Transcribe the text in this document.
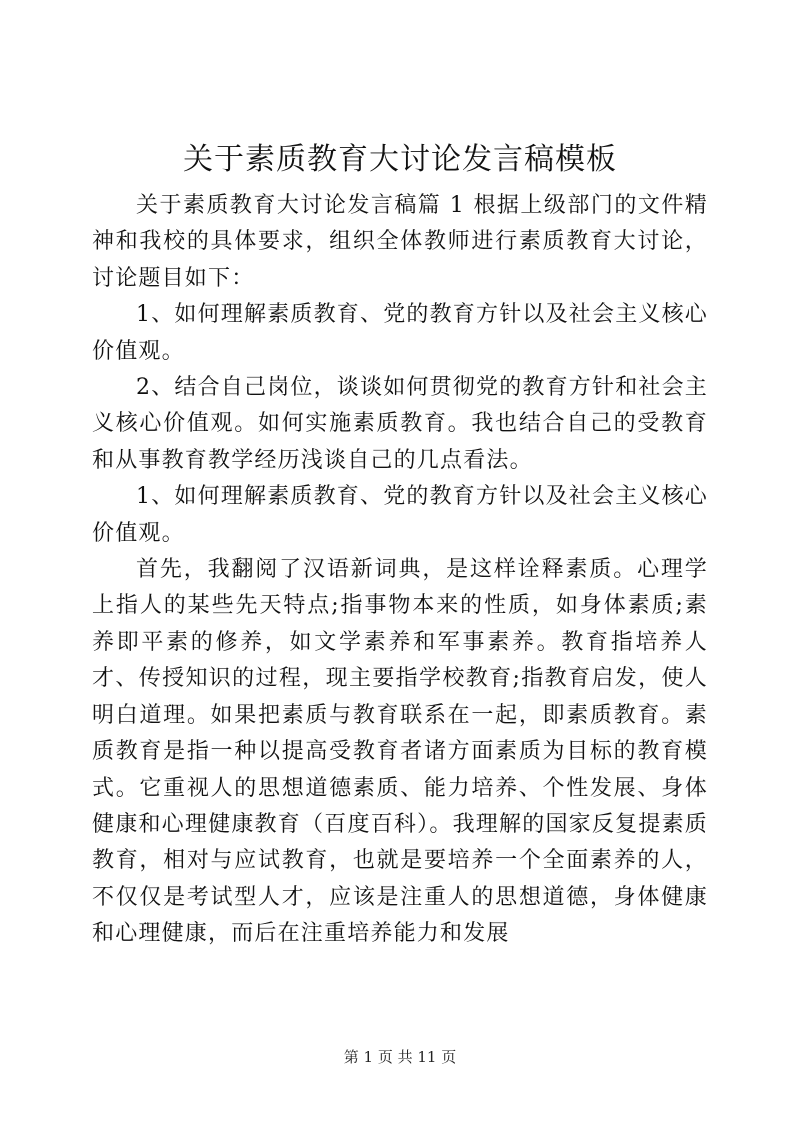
关于素质教育大讨论发言稿模板

关于素质教育大讨论发言稿篇 1 根据上级部门的文件精神和我校的具体要求，组织全体教师进行素质教育大讨论，讨论题目如下：

1、如何理解素质教育、党的教育方针以及社会主义核心价值观。

2、结合自己岗位，谈谈如何贯彻党的教育方针和社会主义核心价值观。如何实施素质教育。我也结合自己的受教育和从事教育教学经历浅谈自己的几点看法。

1、如何理解素质教育、党的教育方针以及社会主义核心价值观。

首先，我翻阅了汉语新词典，是这样诠释素质。心理学上指人的某些先天特点;指事物本来的性质，如身体素质;素养即平素的修养，如文学素养和军事素养。教育指培养人才、传授知识的过程，现主要指学校教育;指教育启发，使人明白道理。如果把素质与教育联系在一起，即素质教育。素质教育是指一种以提高受教育者诸方面素质为目标的教育模式。它重视人的思想道德素质、能力培养、个性发展、身体健康和心理健康教育（百度百科）。我理解的国家反复提素质教育，相对与应试教育，也就是要培养一个全面素养的人，不仅仅是考试型人才，应该是注重人的思想道德，身体健康和心理健康，而后在注重培养能力和发展

第 1 页 共 11 页
